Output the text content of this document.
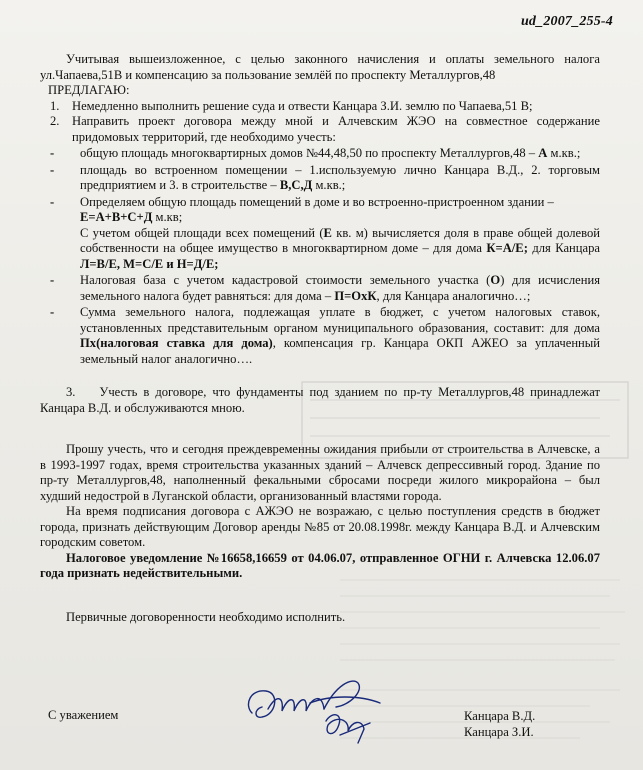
ud_2007_255-4

Учитывая вышеизложенное, с целью законного начисления и оплаты земельного налога ул.Чапаева,51В и компенсацию за пользование землёй по проспекту Металлургов,48

ПРЕДЛАГАЮ:

1. Немедленно выполнить решение суда и отвести Канцара З.И. землю по Чапаева,51 В;
2. Направить проект договора между мной и Алчевским ЖЭО на совместное содержание придомовых территорий, где необходимо учесть:
-	общую площадь многоквартирных домов №44,48,50 по проспекту Металлургов,48 – А м.кв.;
-	площадь во встроенном помещении – 1.используемую лично Канцара В.Д., 2. торговым предприятием и 3. в строительстве – В,С,Д м.кв.;
-	Определяем общую площадь помещений в доме и во встроенно-пристроенном здании –
Е=А+В+С+Д м.кв;

С учетом общей площади всех помещений (Е кв. м) вычисляется доля в праве общей долевой собственности на общее имущество в многоквартирном доме – для дома К=А/Е; для Канцара Л=В/Е, М=С/Е и Н=Д/Е;

-	Налоговая база с учетом кадастровой стоимости земельного участка (О) для исчисления земельного налога будет равняться: для дома – П=ОхК, для Канцара аналогично…;
-	Сумма земельного налога, подлежащая уплате в бюджет, с учетом налоговых ставок, установленных представительным органом муниципального образования, составит: для дома Пх(налоговая ставка для дома), компенсация гр. Канцара ОКП АЖЕО за уплаченный земельный налог аналогично….

3. Учесть в договоре, что фундаменты под зданием по пр-ту Металлургов,48 принадлежат Канцара В.Д. и обслуживаются мною.

Прошу учесть, что и сегодня преждевременны ожидания прибыли от строительства в Алчевске, а в 1993-1997 годах, время строительства указанных зданий – Алчевск депрессивный город. Здание по пр-ту Металлургов,48, наполненный фекальными сбросами посреди жилого микрорайона – был худший недострой в Луганской области, организованный властями города.

На время подписания договора с АЖЭО не возражаю, с целью поступления средств в бюджет города, признать действующим Договор аренды №85 от 20.08.1998г. между Канцара В.Д. и Алчевским городским советом.

Налоговое уведомление №16658,16659 от 04.06.07, отправленное ОГНИ г. Алчевска 12.06.07 года признать недействительными.

Первичные договоренности необходимо исполнить.

С уважением	Канцара В.Д.
Канцара З.И.
